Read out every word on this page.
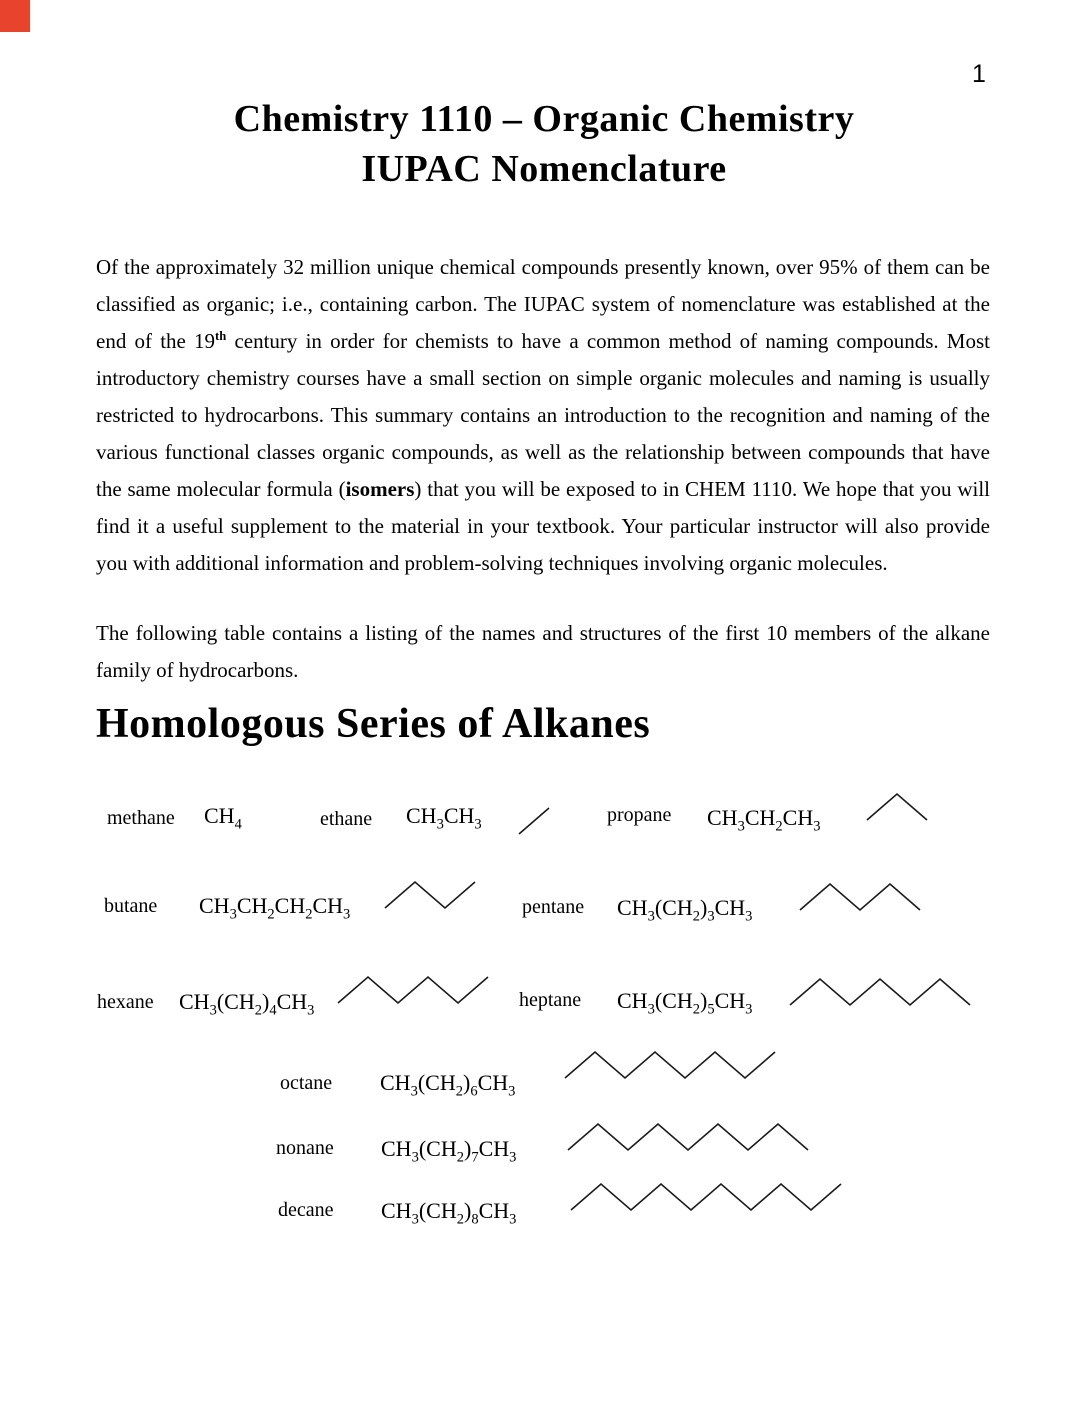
1
Chemistry 1110 – Organic Chemistry
IUPAC Nomenclature

Of the approximately 32 million unique chemical compounds presently known, over 95% of them can be classified as organic; i.e., containing carbon. The IUPAC system of nomenclature was established at the end of the 19th century in order for chemists to have a common method of naming compounds. Most introductory chemistry courses have a small section on simple organic molecules and naming is usually restricted to hydrocarbons. This summary contains an introduction to the recognition and naming of the various functional classes organic compounds, as well as the relationship between compounds that have the same molecular formula (isomers) that you will be exposed to in CHEM 1110. We hope that you will find it a useful supplement to the material in your textbook. Your particular instructor will also provide you with additional information and problem-solving techniques involving organic molecules.

The following table contains a listing of the names and structures of the first 10 members of the alkane family of hydrocarbons.

Homologous Series of Alkanes
methane $CH_4$	ethane $CH_3CH_3$	propane $CH_3CH_2CH_3$
butane $CH_3CH_2CH_2CH_3$	pentane $CH_3(CH_2)_3CH_3$
hexane $CH_3(CH_2)_4CH_3$	heptane $CH_3(CH_2)_5CH_3$
octane $CH_3(CH_2)_6CH_3$
nonane $CH_3(CH_2)_7CH_3$
decane $CH_3(CH_2)_8CH_3$
